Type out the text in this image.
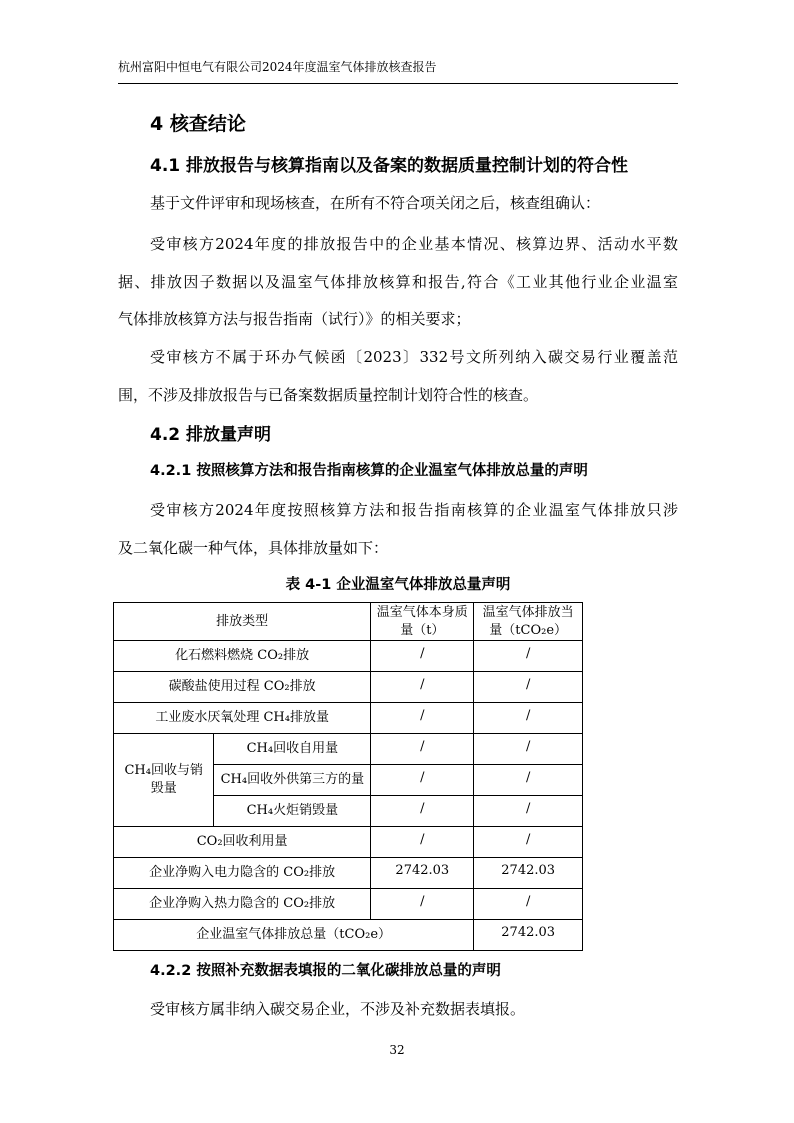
杭州富阳中恒电气有限公司2024年度温室气体排放核查报告
4 核查结论
4.1 排放报告与核算指南以及备案的数据质量控制计划的符合性
基于文件评审和现场核查，在所有不符合项关闭之后，核查组确认：
受审核方2024年度的排放报告中的企业基本情况、核算边界、活动水平数
据、排放因子数据以及温室气体排放核算和报告,符合《工业其他行业企业温室
气体排放核算方法与报告指南（试行）》的相关要求；
受审核方不属于环办气候函〔2023〕332号文所列纳入碳交易行业覆盖范
围，不涉及排放报告与已备案数据质量控制计划符合性的核查。
4.2 排放量声明
4.2.1 按照核算方法和报告指南核算的企业温室气体排放总量的声明
受审核方2024年度按照核算方法和报告指南核算的企业温室气体排放只涉
及二氧化碳一种气体，具体排放量如下：
表 4-1 企业温室气体排放总量声明
排放类型		温室气体本身质量（t）	温室气体排放当量（tCO₂e）
化石燃料燃烧 CO₂排放		/	/
碳酸盐使用过程 CO₂排放		/	/
工业废水厌氧处理 CH₄排放量		/	/

CH₄回收与销毁量	CH₄回收自用量	/	/
	CH₄回收外供第三方的量	/	/
	CH₄火炬销毁量	/	/
CO₂回收利用量		/	/
企业净购入电力隐含的 CO₂排放		2742.03	2742.03
企业净购入热力隐含的 CO₂排放		/	/
企业温室气体排放总量（tCO₂e）			2742.03
4.2.2 按照补充数据表填报的二氧化碳排放总量的声明
受审核方属非纳入碳交易企业，不涉及补充数据表填报。
32
